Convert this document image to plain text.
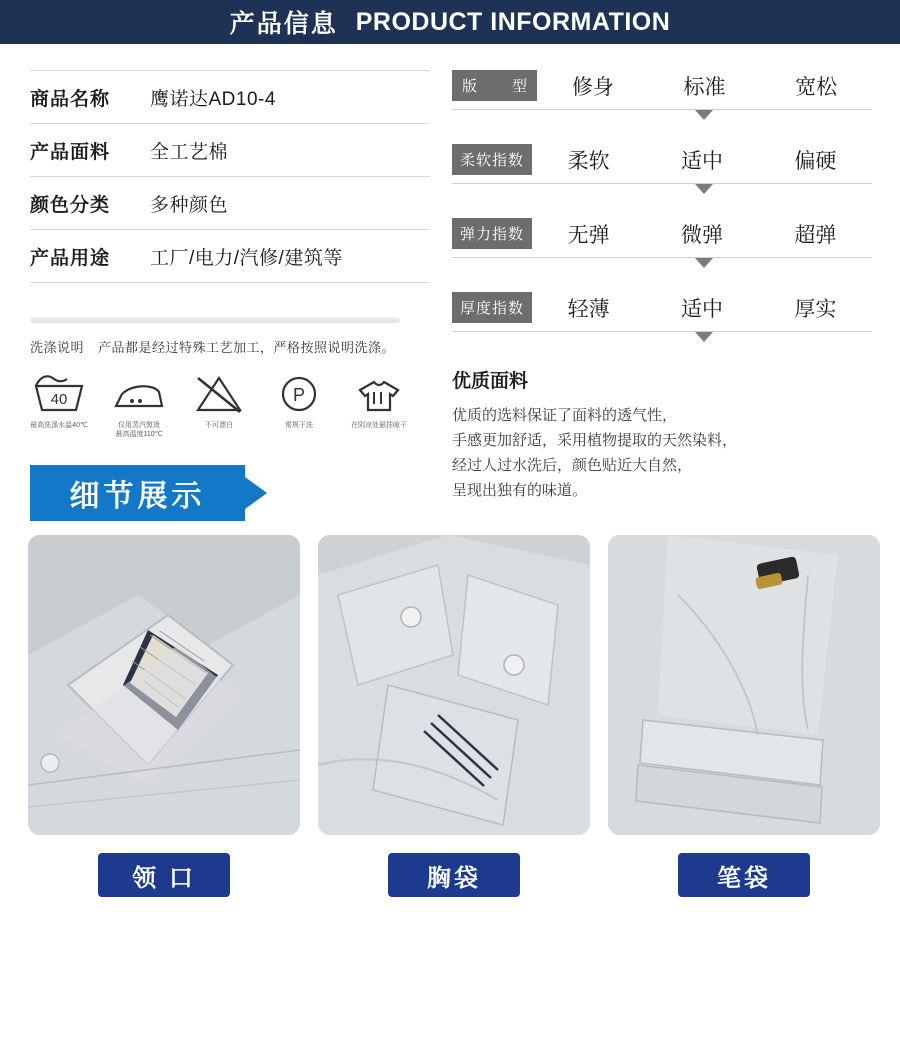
产品信息 PRODUCT INFORMATION
商品名称	鹰诺达AD10-4
产品面料	全工艺棉
颜色分类	多种颜色
产品用途	工厂/电力/汽修/建筑等
洗涤说明 产品都是经过特殊工艺加工，严格按照说明洗涤。
40
最高洗涤水温40℃	仅用蒸汽熨烫
最高温度110℃
不可漂白
P
常规干洗	在阴凉处悬挂晾干
细节展示
版　型 修身	标准	宽松
柔软指数	柔软	适中	偏硬
弹力指数	无弹	微弹	超弹
厚度指数	轻薄	适中	厚实
优质面料
优质的选料保证了面料的透气性，
手感更加舒适，采用植物提取的天然染料，
经过人过水洗后，颜色贴近大自然，
呈现出独有的味道。
领 口	胸袋	笔袋
